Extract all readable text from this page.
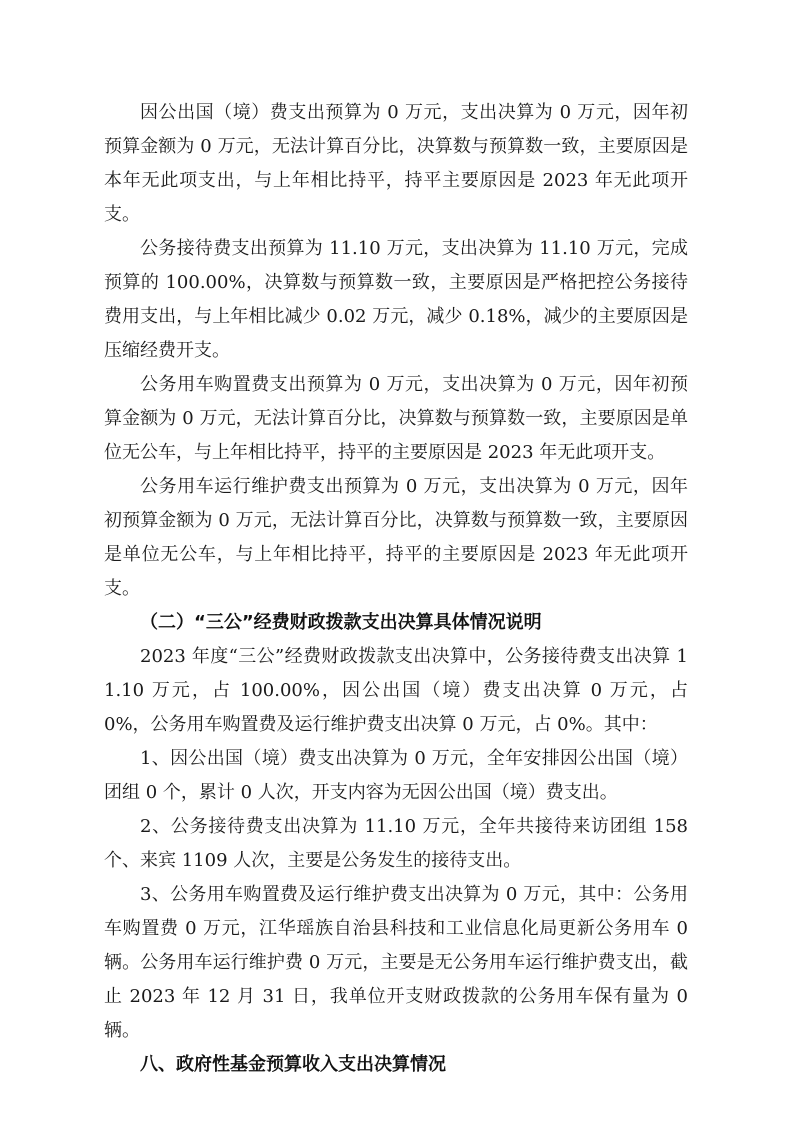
因公出国（境）费支出预算为 0 万元，支出决算为 0 万元，因年初预算金额为 0 万元，无法计算百分比，决算数与预算数一致，主要原因是本年无此项支出，与上年相比持平，持平主要原因是 2023 年无此项开支。

公务接待费支出预算为 11.10 万元，支出决算为 11.10 万元，完成预算的 100.00%，决算数与预算数一致，主要原因是严格把控公务接待费用支出，与上年相比减少 0.02 万元，减少 0.18%，减少的主要原因是压缩经费开支。

公务用车购置费支出预算为 0 万元，支出决算为 0 万元，因年初预算金额为 0 万元，无法计算百分比，决算数与预算数一致，主要原因是单位无公车，与上年相比持平，持平的主要原因是 2023 年无此项开支。

公务用车运行维护费支出预算为 0 万元，支出决算为 0 万元，因年初预算金额为 0 万元，无法计算百分比，决算数与预算数一致，主要原因是单位无公车，与上年相比持平，持平的主要原因是 2023 年无此项开支。

（二）“三公”经费财政拨款支出决算具体情况说明

2023 年度“三公”经费财政拨款支出决算中，公务接待费支出决算 11.10 万元，占 100.00%，因公出国（境）费支出决算 0 万元，占 0%，公务用车购置费及运行维护费支出决算 0 万元，占 0%。其中：

1、因公出国（境）费支出决算为 0 万元，全年安排因公出国（境）团组 0 个，累计 0 人次，开支内容为无因公出国（境）费支出。

2、公务接待费支出决算为 11.10 万元，全年共接待来访团组 158 个、来宾 1109 人次，主要是公务发生的接待支出。

3、公务用车购置费及运行维护费支出决算为 0 万元，其中：公务用车购置费 0 万元，江华瑶族自治县科技和工业信息化局更新公务用车 0 辆。公务用车运行维护费 0 万元，主要是无公务用车运行维护费支出，截止 2023 年 12 月 31 日，我单位开支财政拨款的公务用车保有量为 0 辆。

八、政府性基金预算收入支出决算情况
